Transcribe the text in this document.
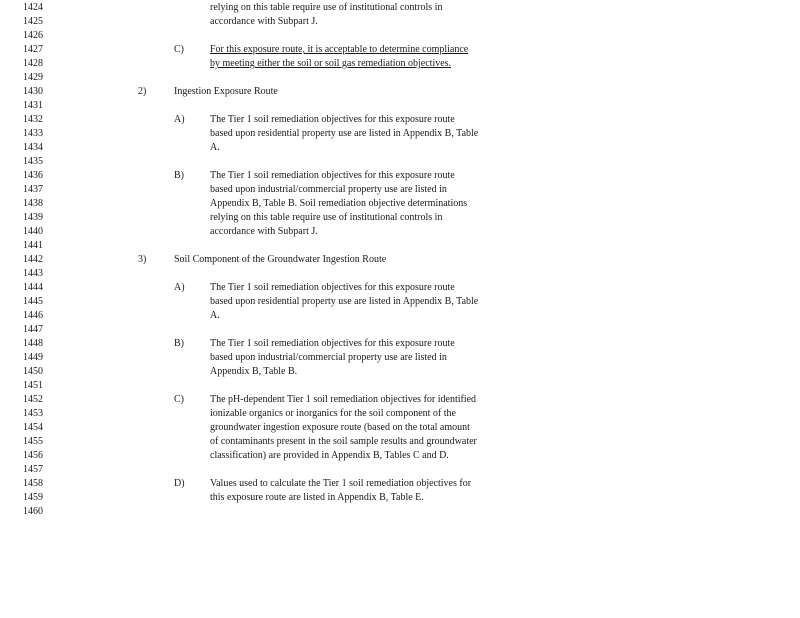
1424	relying on this table require use of institutional controls in
1425	accordance with Subpart J.
1426
1427	C)	For this exposure route, it is acceptable to determine compliance
1428	by meeting either the soil or soil gas remediation objectives.
1429
1430	2)	Ingestion Exposure Route
1431
1432	A)	The Tier 1 soil remediation objectives for this exposure route
1433	based upon residential property use are listed in Appendix B, Table
1434	A.
1435
1436	B)	The Tier 1 soil remediation objectives for this exposure route
1437	based upon industrial/commercial property use are listed in
1438	Appendix B, Table B. Soil remediation objective determinations
1439	relying on this table require use of institutional controls in
1440	accordance with Subpart J.
1441
1442	3)	Soil Component of the Groundwater Ingestion Route
1443
1444	A)	The Tier 1 soil remediation objectives for this exposure route
1445	based upon residential property use are listed in Appendix B, Table
1446	A.
1447
1448	B)	The Tier 1 soil remediation objectives for this exposure route
1449	based upon industrial/commercial property use are listed in
1450	Appendix B, Table B.
1451
1452	C)	The pH-dependent Tier 1 soil remediation objectives for identified
1453	ionizable organics or inorganics for the soil component of the
1454	groundwater ingestion exposure route (based on the total amount
1455	of contaminants present in the soil sample results and groundwater
1456	classification) are provided in Appendix B, Tables C and D.
1457
1458	D)	Values used to calculate the Tier 1 soil remediation objectives for
1459	this exposure route are listed in Appendix B, Table E.
1460
